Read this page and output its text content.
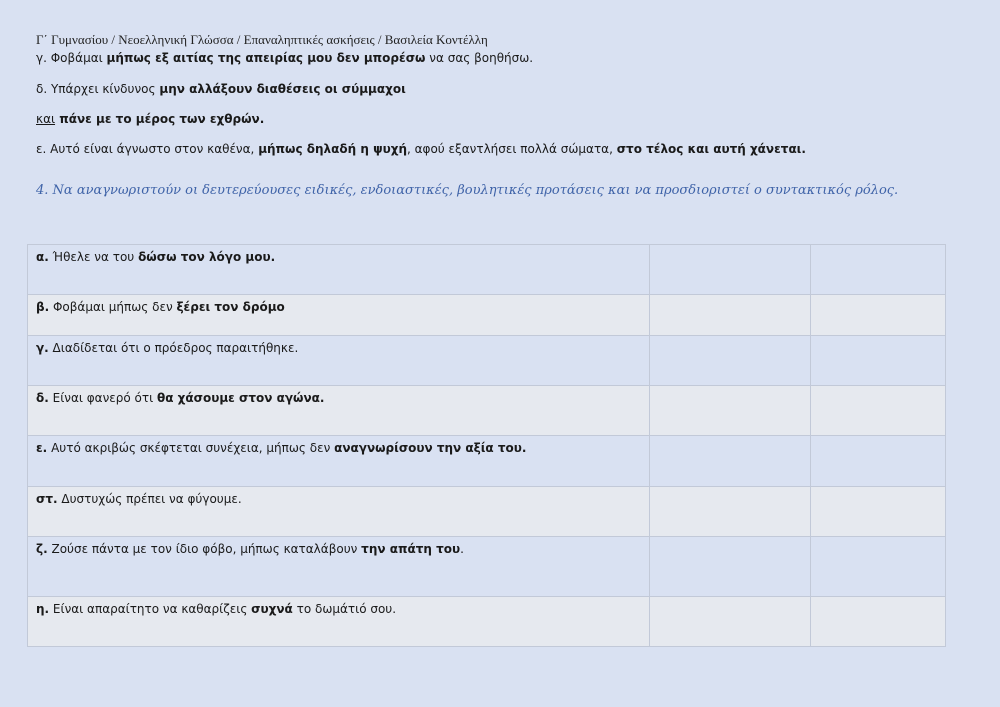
Γ΄ Γυμνασίου / Νεοελληνική Γλώσσα / Επαναληπτικές ασκήσεις / Βασιλεία Κοντέλλη
γ. Φοβάμαι μήπως εξ αιτίας της απειρίας μου δεν μπορέσω να σας βοηθήσω.
δ. Υπάρχει κίνδυνος μην αλλάξουν διαθέσεις οι σύμμαχοι
και πάνε με το μέρος των εχθρών.
ε. Αυτό είναι άγνωστο στον καθένα, μήπως δηλαδή η ψυχή, αφού εξαντλήσει πολλά σώματα, στο τέλος και αυτή χάνεται.
4. Να αναγνωριστούν οι δευτερεύουσες ειδικές, ενδοιαστικές, βουλητικές προτάσεις και να προσδιοριστεί ο συντακτικός ρόλος.
α. Ήθελε να του δώσω τον λόγο μου.		
β. Φοβάμαι μήπως δεν ξέρει τον δρόμο		
γ. Διαδίδεται ότι ο πρόεδρος παραιτήθηκε.		
δ. Είναι φανερό ότι θα χάσουμε στον αγώνα.		
ε. Αυτό ακριβώς σκέφτεται συνέχεια, μήπως δεν αναγνωρίσουν την αξία του.		
στ. Δυστυχώς πρέπει να φύγουμε.		
ζ. Ζούσε πάντα με τον ίδιο φόβο, μήπως καταλάβουν την απάτη του.		
η. Είναι απαραίτητο να καθαρίζεις συχνά το δωμάτιό σου.		
